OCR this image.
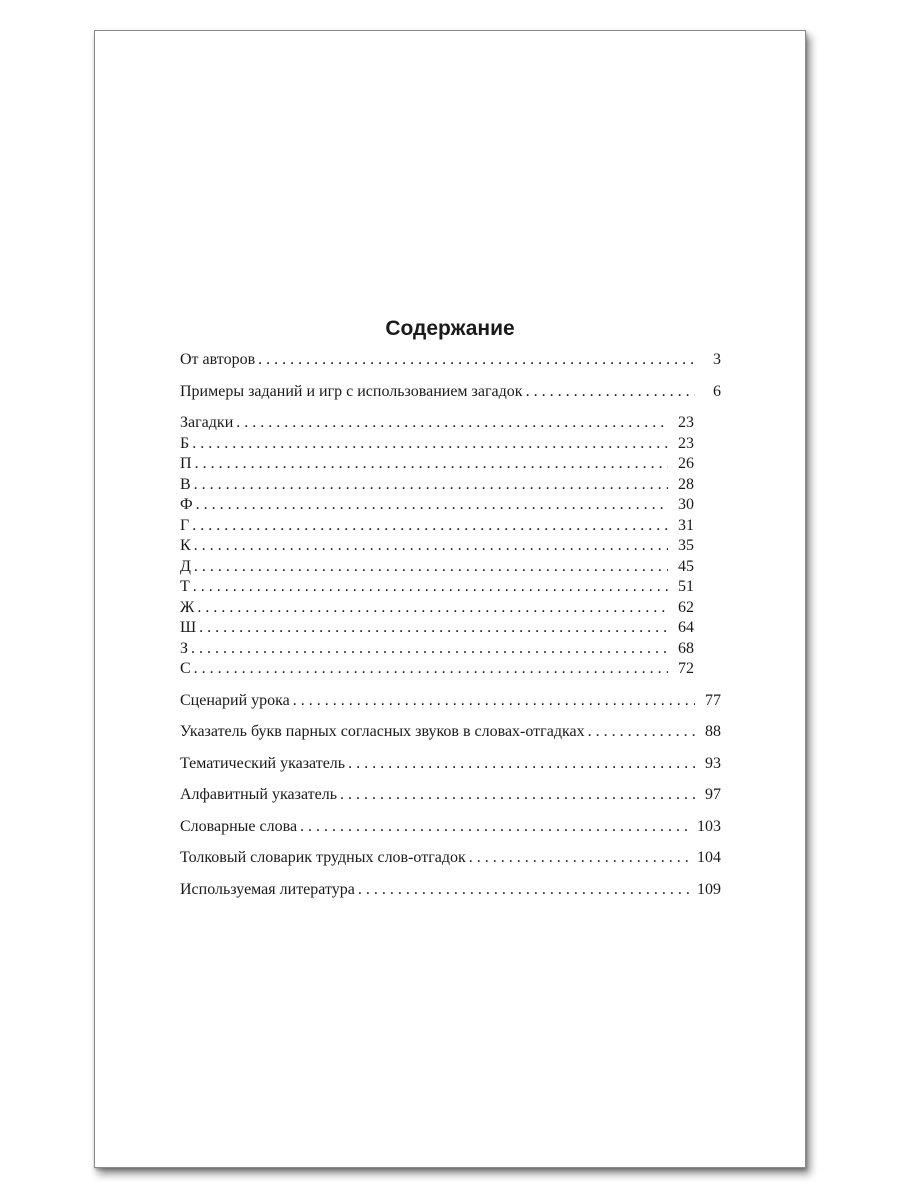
Содержание
От авторов . . .	3
Примеры заданий и игр с использованием загадок . . .	6
Загадки . . .	23
Б . . .	23
П . . .	26
В . . .	28
Ф . . .	30
Г . . .	31
К . . .	35
Д . . .	45
Т . . .	51
Ж . . .	62
Ш . . .	64
З . . .	68
С . . .	72
Сценарий урока . . .	77
Указатель букв парных согласных звуков в словах-отгадках . . .	88
Тематический указатель . . .	93
Алфавитный указатель . . .	97
Словарные слова . . .	103
Толковый словарик трудных слов-отгадок . . .	104
Используемая литература . . .	109
